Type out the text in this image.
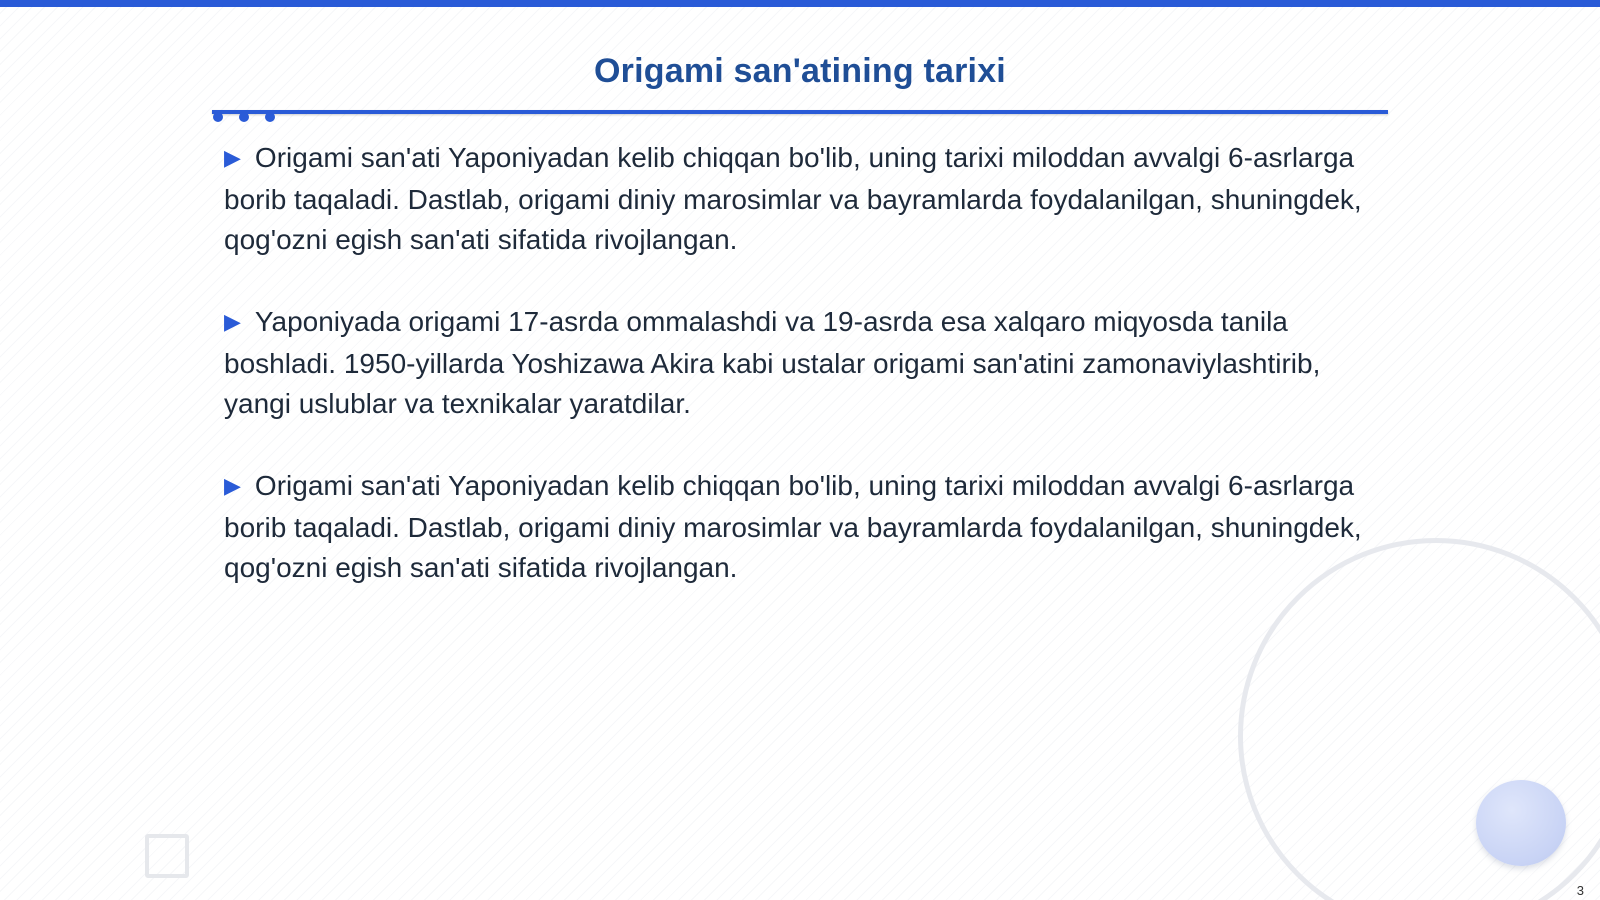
Origami san'atining tarixi
▶ Origami san'ati Yaponiyadan kelib chiqqan bo'lib, uning tarixi miloddan avvalgi 6-asrlarga borib taqaladi. Dastlab, origami diniy marosimlar va bayramlarda foydalanilgan, shuningdek, qog'ozni egish san'ati sifatida rivojlangan.
▶ Yaponiyada origami 17-asrda ommalashdi va 19-asrda esa xalqaro miqyosda tanila boshladi. 1950-yillarda Yoshizawa Akira kabi ustalar origami san'atini zamonaviylashtirib, yangi uslublar va texnikalar yaratdilar.
▶ Origami san'ati Yaponiyadan kelib chiqqan bo'lib, uning tarixi miloddan avvalgi 6-asrlarga borib taqaladi. Dastlab, origami diniy marosimlar va bayramlarda foydalanilgan, shuningdek, qog'ozni egish san'ati sifatida rivojlangan.
3
